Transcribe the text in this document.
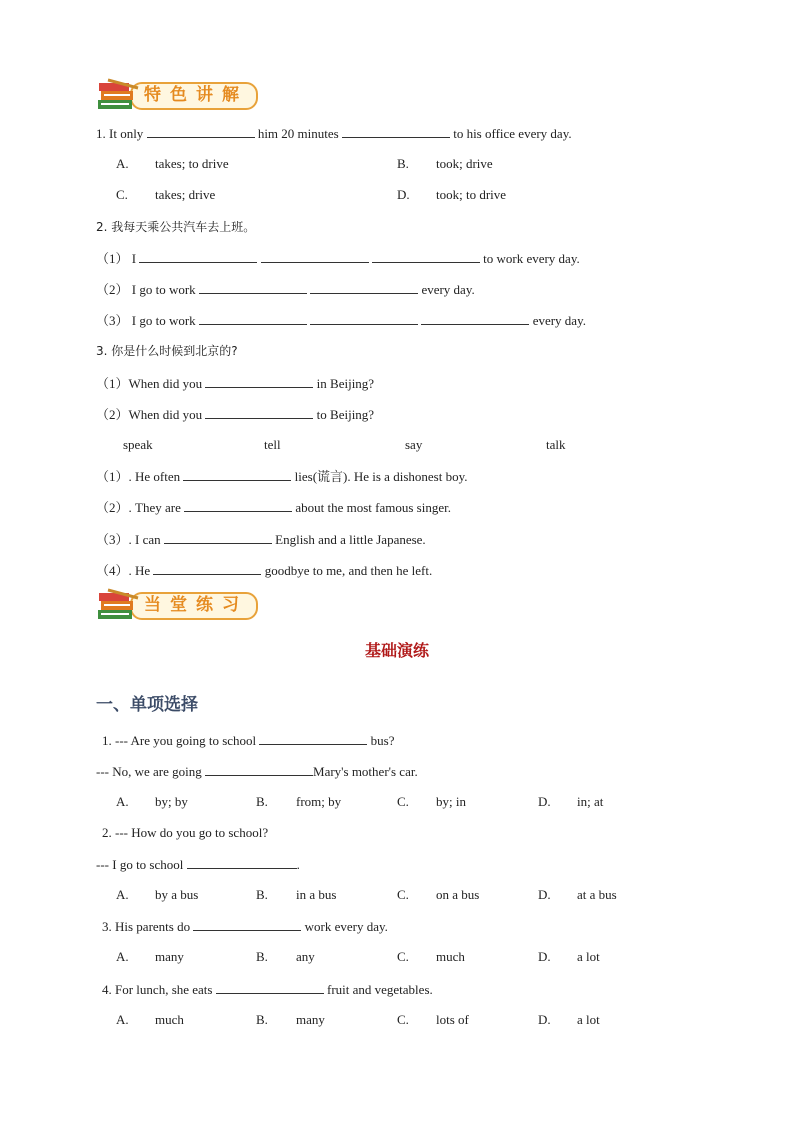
特色讲解
1. It only	him 20 minutes	to his office every day.
A. takes; to drive	B. took; drive
C. takes; drive	D. took; to drive
2. 我每天乘公共汽车去上班。
（1） I	to work every day.
（2） I go to work	every day.
（3） I go to work	every day.
3. 你是什么时候到北京的?
（1）When did you	in Beijing?
（2）When did you	to Beijing?
speak	tell	say	talk
（1）. He often	lies(谎言). He is a dishonest boy.
（2）. They are	about the most famous singer.
（3）. I can	English and a little Japanese.
（4）. He	goodbye to me, and then he left.
当堂练习
基础演练
一、单项选择
1. --- Are you going to school	bus?
--- No, we are going	Mary's mother's car.
A. by; by	B. from; by	C. by; in	D. in; at
2. --- How do you go to school?
--- I go to school	.
A. by a bus	B. in a bus	C. on a bus	D. at a bus
3. His parents do	work every day.
A. many	B. any	C. much	D. a lot
4. For lunch, she eats	fruit and vegetables.
A. much	B. many	C. lots of	D. a lot
